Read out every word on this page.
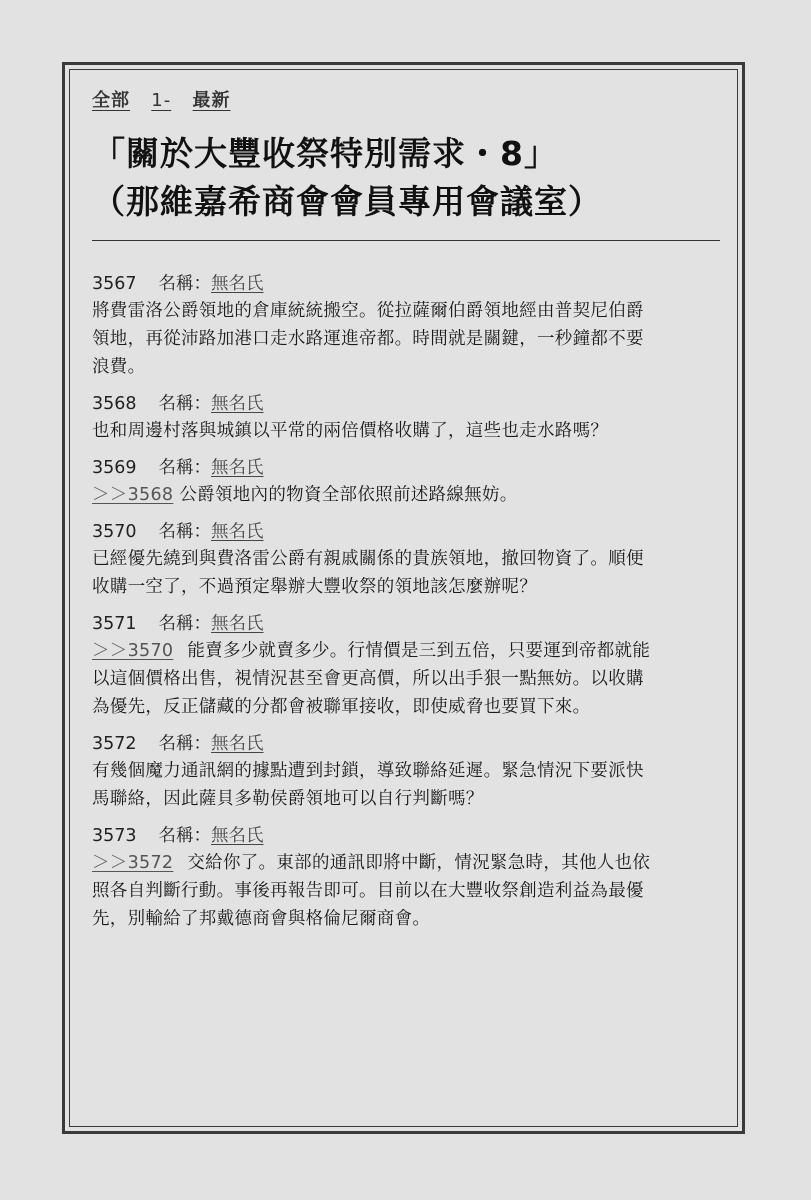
全部 1- 最新
「關於大豐收祭特別需求・8」
（那維嘉希商會會員專用會議室）
3567 名稱：無名氏
將費雷洛公爵領地的倉庫統統搬空。從拉薩爾伯爵領地經由普契尼伯爵
領地，再從沛路加港口走水路運進帝都。時間就是關鍵，一秒鐘都不要
浪費。
3568 名稱：無名氏
也和周邊村落與城鎮以平常的兩倍價格收購了，這些也走水路嗎？
3569 名稱：無名氏
＞＞3568 公爵領地內的物資全部依照前述路線無妨。
3570 名稱：無名氏
已經優先繞到與費洛雷公爵有親戚關係的貴族領地，撤回物資了。順便
收購一空了，不過預定舉辦大豐收祭的領地該怎麼辦呢？
3571 名稱：無名氏
＞＞3570 能賣多少就賣多少。行情價是三到五倍，只要運到帝都就能
以這個價格出售，視情況甚至會更高價，所以出手狠一點無妨。以收購
為優先，反正儲藏的分都會被聯軍接收，即使威脅也要買下來。
3572 名稱：無名氏
有幾個魔力通訊網的據點遭到封鎖，導致聯絡延遲。緊急情況下要派快
馬聯絡，因此薩貝多勒侯爵領地可以自行判斷嗎？
3573 名稱：無名氏
＞＞3572 交給你了。東部的通訊即將中斷，情況緊急時，其他人也依
照各自判斷行動。事後再報告即可。目前以在大豐收祭創造利益為最優
先，別輸給了邦戴德商會與格倫尼爾商會。
